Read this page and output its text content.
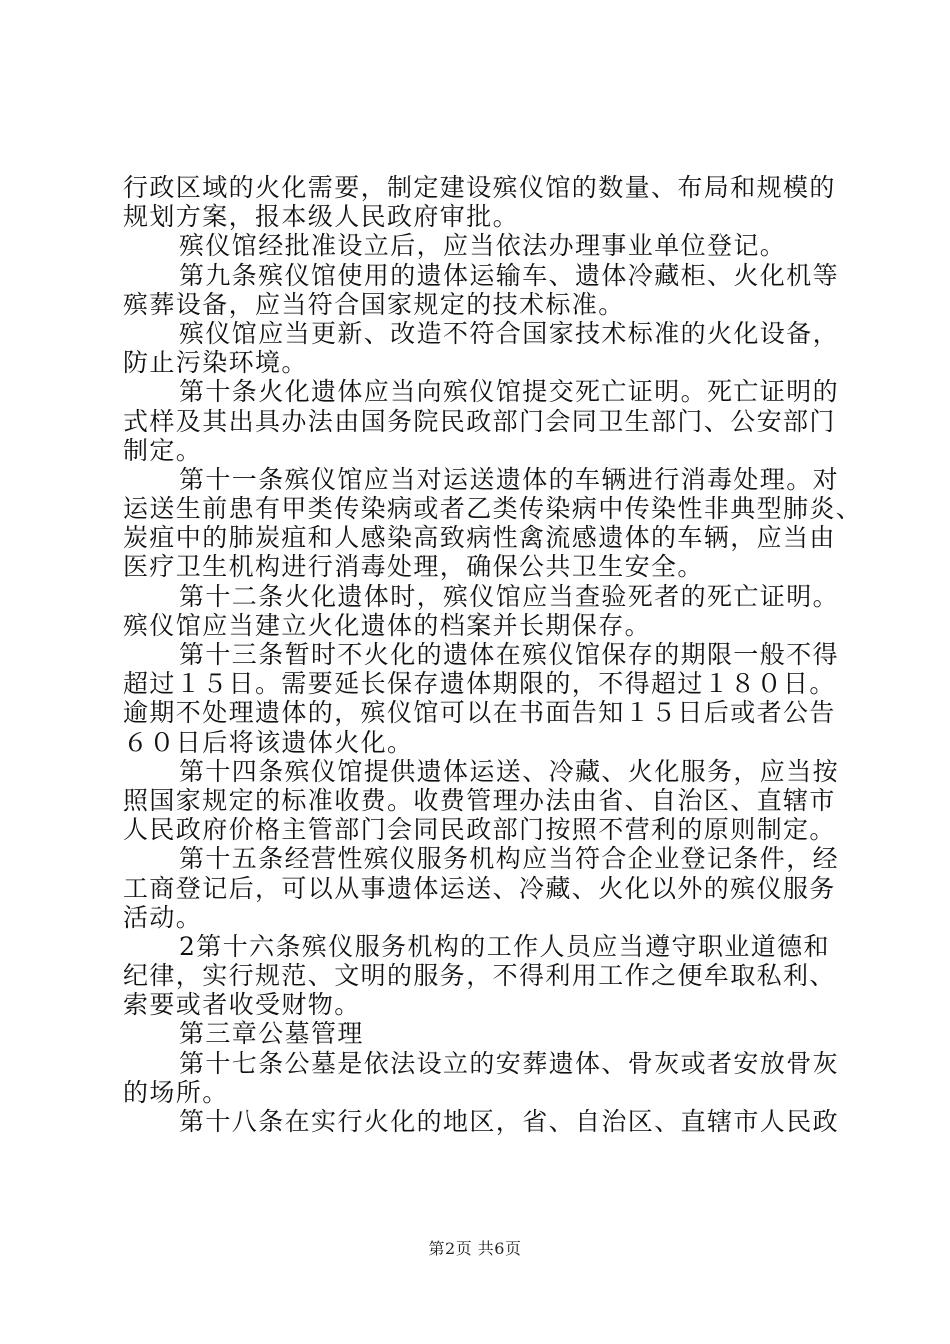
行政区域的火化需要，制定建设殡仪馆的数量、布局和规模的
规划方案，报本级人民政府审批。
殡仪馆经批准设立后，应当依法办理事业单位登记。
第九条殡仪馆使用的遗体运输车、遗体冷藏柜、火化机等
殡葬设备，应当符合国家规定的技术标准。
殡仪馆应当更新、改造不符合国家技术标准的火化设备，
防止污染环境。
第十条火化遗体应当向殡仪馆提交死亡证明。死亡证明的
式样及其出具办法由国务院民政部门会同卫生部门、公安部门
制定。
第十一条殡仪馆应当对运送遗体的车辆进行消毒处理。对
运送生前患有甲类传染病或者乙类传染病中传染性非典型肺炎、
炭疽中的肺炭疽和人感染高致病性禽流感遗体的车辆，应当由
医疗卫生机构进行消毒处理，确保公共卫生安全。
第十二条火化遗体时，殡仪馆应当查验死者的死亡证明。
殡仪馆应当建立火化遗体的档案并长期保存。
第十三条暂时不火化的遗体在殡仪馆保存的期限一般不得
超过１５日。需要延长保存遗体期限的，不得超过１８０日。
逾期不处理遗体的，殡仪馆可以在书面告知１５日后或者公告
６０日后将该遗体火化。
第十四条殡仪馆提供遗体运送、冷藏、火化服务，应当按
照国家规定的标准收费。收费管理办法由省、自治区、直辖市
人民政府价格主管部门会同民政部门按照不营利的原则制定。
第十五条经营性殡仪服务机构应当符合企业登记条件，经
工商登记后，可以从事遗体运送、冷藏、火化以外的殡仪服务
活动。
2第十六条殡仪服务机构的工作人员应当遵守职业道德和
纪律，实行规范、文明的服务，不得利用工作之便牟取私利、
索要或者收受财物。
第三章公墓管理
第十七条公墓是依法设立的安葬遗体、骨灰或者安放骨灰
的场所。
第十八条在实行火化的地区，省、自治区、直辖市人民政
第2页 共6页
